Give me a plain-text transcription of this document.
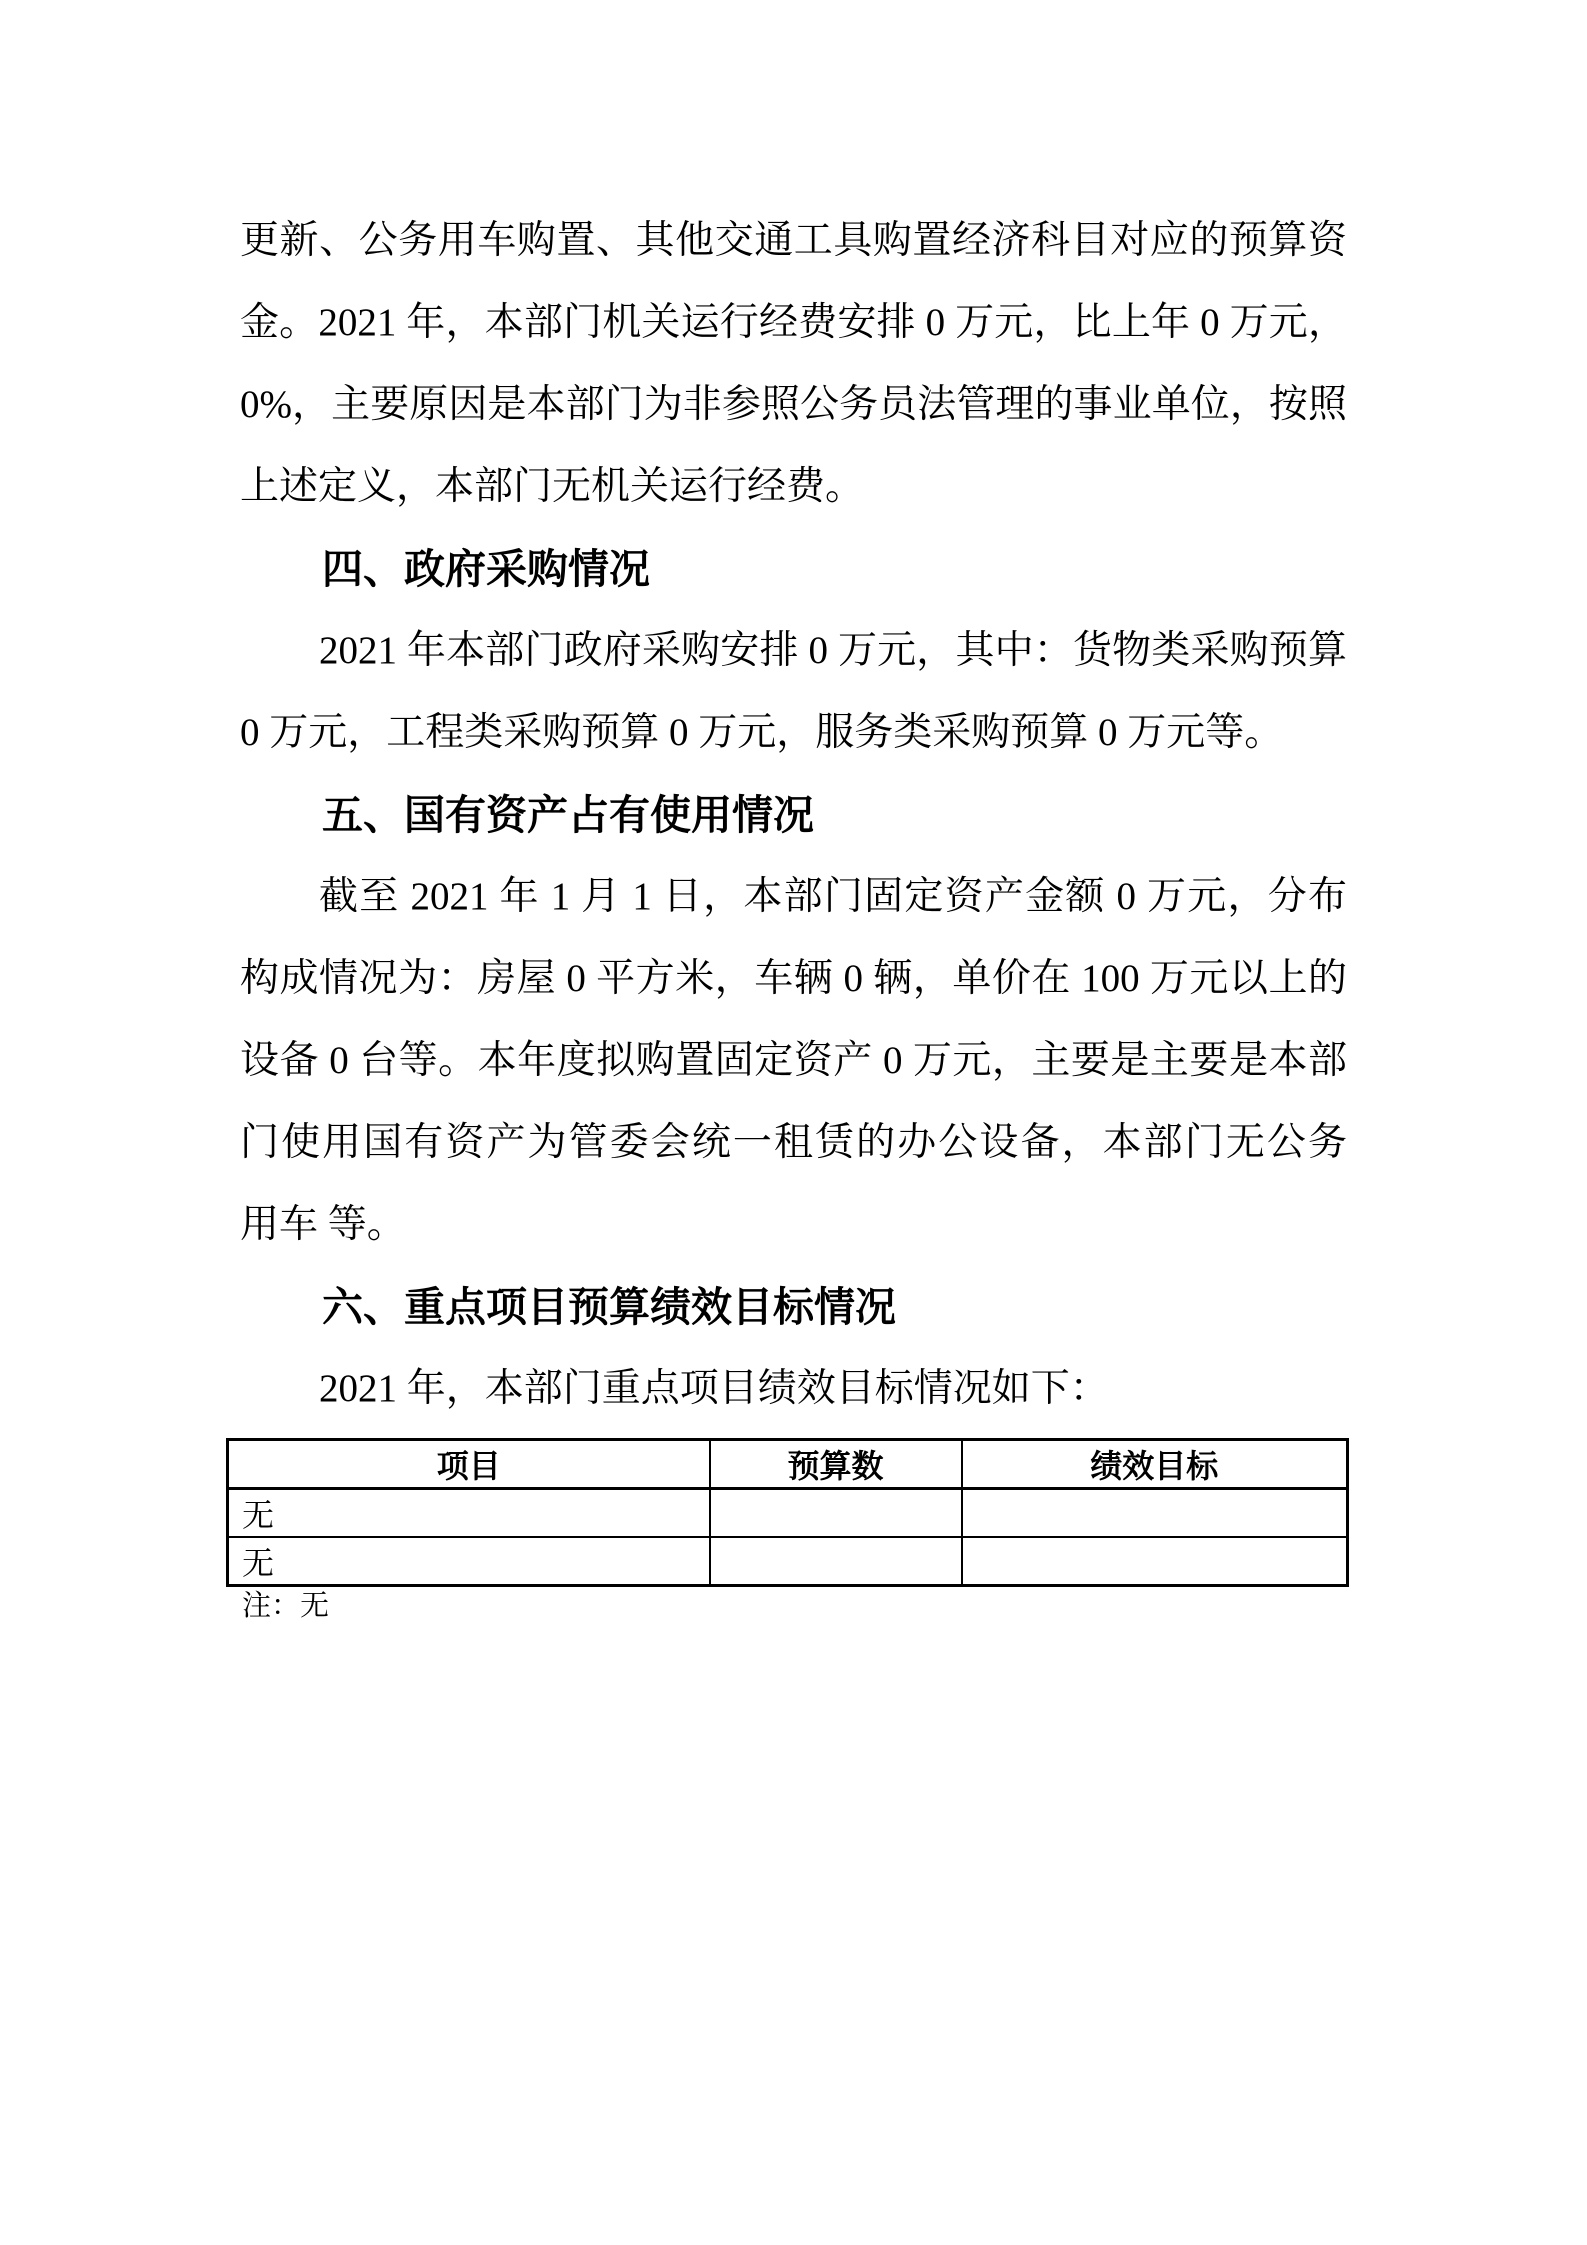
更新、公务用车购置、其他交通工具购置经济科目对应的预算资
金。2021 年，本部门机关运行经费安排 0 万元，比上年 0 万元，
0%，主要原因是本部门为非参照公务员法管理的事业单位，按照
上述定义，本部门无机关运行经费。
四、政府采购情况
2021 年本部门政府采购安排 0 万元，其中：货物类采购预算
0 万元，工程类采购预算 0 万元，服务类采购预算 0 万元等。
五、国有资产占有使用情况
截至 2021 年 1 月 1 日，本部门固定资产金额 0 万元，分布
构成情况为：房屋 0 平方米，车辆 0 辆，单价在 100 万元以上的
设备 0 台等。本年度拟购置固定资产 0 万元，主要是主要是本部
门使用国有资产为管委会统一租赁的办公设备，本部门无公务
用车 等。
六、重点项目预算绩效目标情况
2021 年，本部门重点项目绩效目标情况如下：
项目	预算数	绩效目标
无		
无		
注：无
